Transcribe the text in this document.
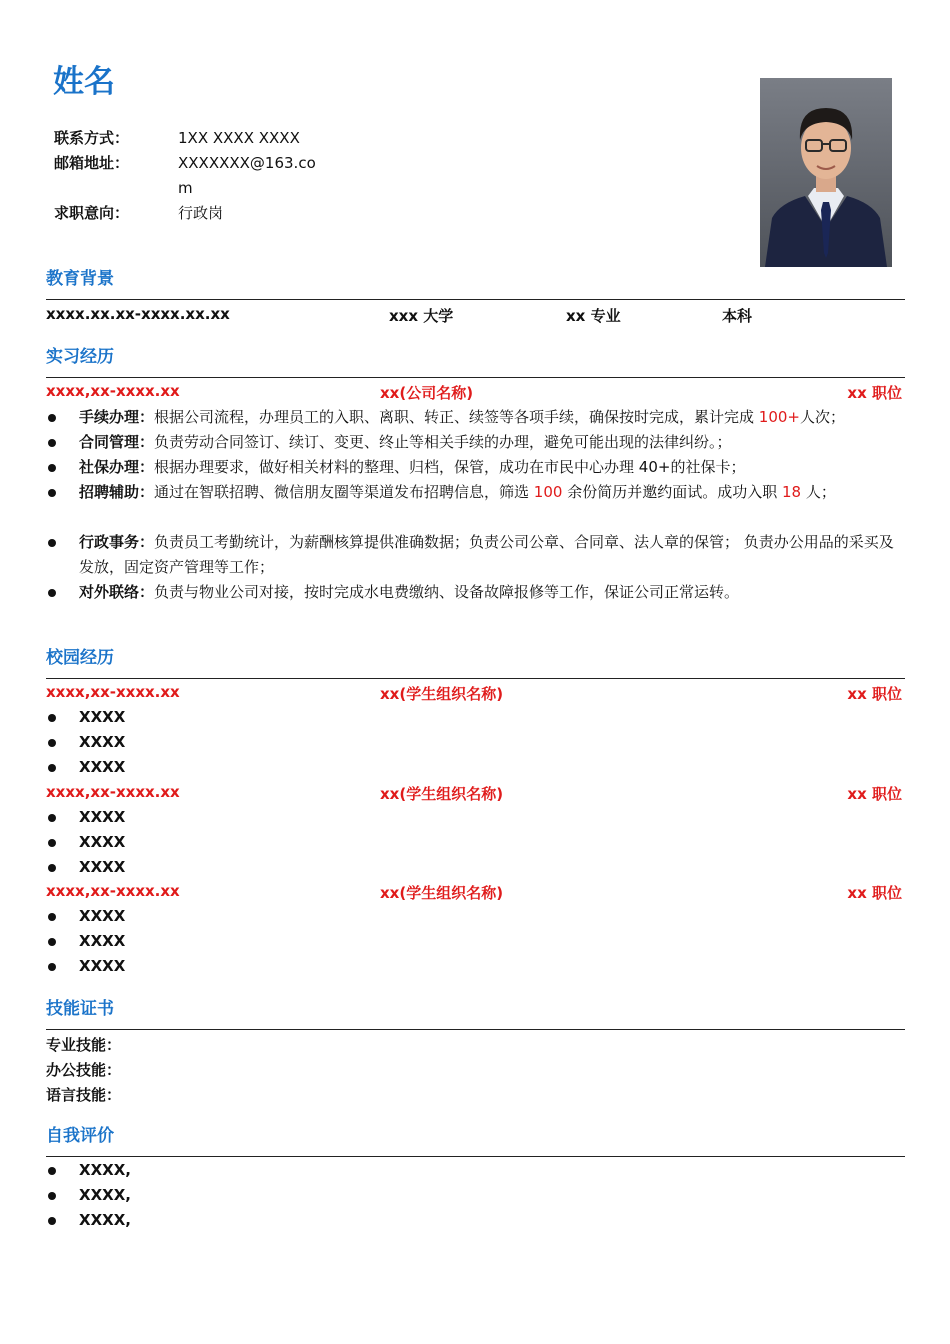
姓名
联系方式：	1XX XXXX XXXX
邮箱地址：	XXXXXXX@163.com
求职意向：	行政岗
教育背景
xxxx.xx.xx-xxxx.xx.xx	xxx 大学	xx 专业	本科
实习经历
xxxx,xx-xxxx.xx	xx(公司名称)	xx 职位
手续办理：根据公司流程，办理员工的入职、离职、转正、续签等各项手续，确保按时完成，累计完成 100+人次；
合同管理：负责劳动合同签订、续订、变更、终止等相关手续的办理，避免可能出现的法律纠纷。；
社保办理：根据办理要求，做好相关材料的整理、归档，保管，成功在市民中心办理 40+的社保卡；
招聘辅助：通过在智联招聘、微信朋友圈等渠道发布招聘信息，筛选 100 余份简历并邀约面试。成功入职 18 人；
行政事务：负责员工考勤统计，为薪酬核算提供准确数据；负责公司公章、合同章、法人章的保管； 负责办公用品的采买及发放，固定资产管理等工作；
对外联络：负责与物业公司对接，按时完成水电费缴纳、设备故障报修等工作，保证公司正常运转。
校园经历
xxxx,xx-xxxx.xx	xx(学生组织名称)	xx 职位
XXXX
XXXX
XXXX
xxxx,xx-xxxx.xx	xx(学生组织名称)	xx 职位
XXXX
XXXX
XXXX
xxxx,xx-xxxx.xx	xx(学生组织名称)	xx 职位
XXXX
XXXX
XXXX
技能证书
专业技能：
办公技能：
语言技能：
自我评价
XXXX,
XXXX,
XXXX,
